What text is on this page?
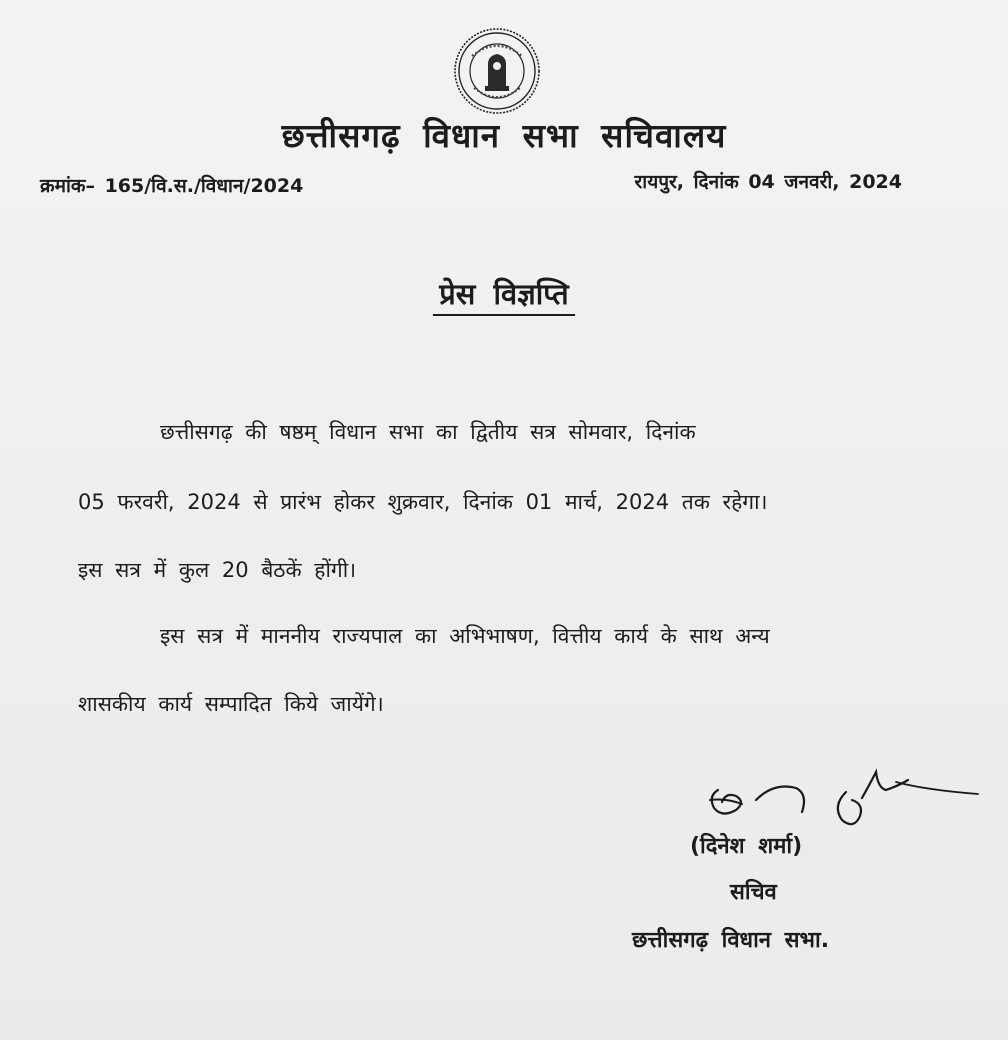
छत्तीसगढ़ विधान सभा सचिवालय
क्रमांक– 165/वि.स./विधान/2024	रायपुर, दिनांक 04 जनवरी, 2024
प्रेस विज्ञप्ति
छत्तीसगढ़ की षष्ठम् विधान सभा का द्वितीय सत्र सोमवार, दिनांक
05 फरवरी, 2024 से प्रारंभ होकर शुक्रवार, दिनांक 01 मार्च, 2024 तक रहेगा।
इस सत्र में कुल 20 बैठकें होंगी।
इस सत्र में माननीय राज्यपाल का अभिभाषण, वित्तीय कार्य के साथ अन्य
शासकीय कार्य सम्पादित किये जायेंगे।
(दिनेश शर्मा)
सचिव
छत्तीसगढ़ विधान सभा.
